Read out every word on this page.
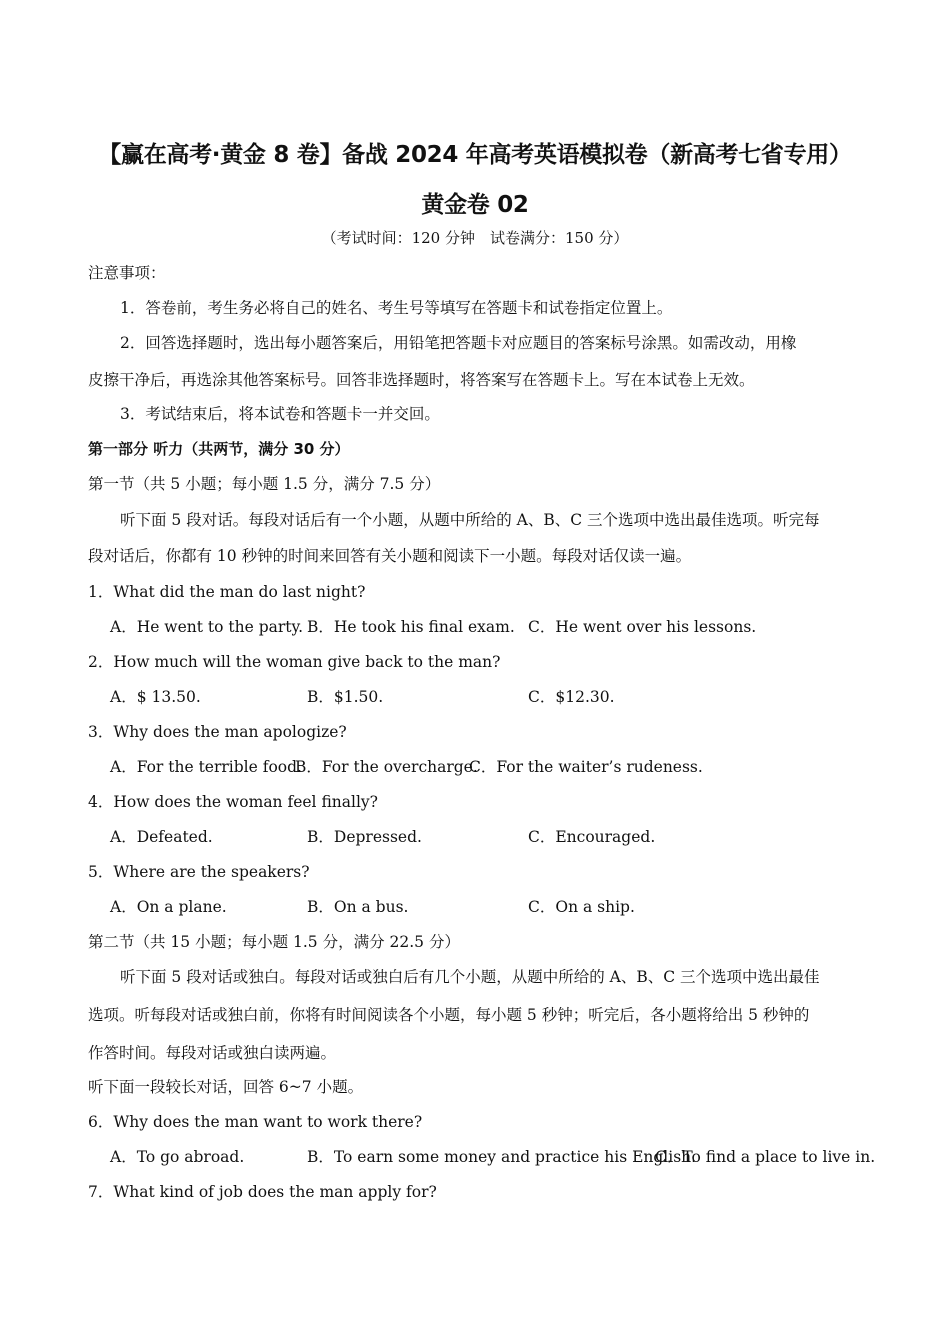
【赢在高考·黄金 8 卷】备战 2024 年高考英语模拟卷（新高考七省专用）
黄金卷 02
（考试时间：120 分钟　试卷满分：150 分）
注意事项：
1．答卷前，考生务必将自己的姓名、考生号等填写在答题卡和试卷指定位置上。
2．回答选择题时，选出每小题答案后，用铅笔把答题卡对应题目的答案标号涂黑。如需改动，用橡
皮擦干净后，再选涂其他答案标号。回答非选择题时，将答案写在答题卡上。写在本试卷上无效。
3．考试结束后，将本试卷和答题卡一并交回。
第一部分 听力（共两节，满分 30 分）
第一节（共 5 小题；每小题 1.5 分，满分 7.5 分）
听下面 5 段对话。每段对话后有一个小题，从题中所给的 A、B、C 三个选项中选出最佳选项。听完每
段对话后，你都有 10 秒钟的时间来回答有关小题和阅读下一小题。每段对话仅读一遍。
1．What did the man do last night?
A．He went to the party. B．He took his final exam. C．He went over his lessons.
2．How much will the woman give back to the man?
A．$ 13.50.	B．$1.50.	C．$12.30.
3．Why does the man apologize?
A．For the terrible food.
B．For the overcharge.
C．For the waiter’s rudeness.
4．How does the woman feel finally?
A．Defeated.	B．Depressed.	C．Encouraged.
5．Where are the speakers?
A．On a plane.	B．On a bus.	C．On a ship.
第二节（共 15 小题；每小题 1.5 分，满分 22.5 分）
听下面 5 段对话或独白。每段对话或独白后有几个小题，从题中所给的 A、B、C 三个选项中选出最佳
选项。听每段对话或独白前，你将有时间阅读各个小题，每小题 5 秒钟；听完后，各小题将给出 5 秒钟的
作答时间。每段对话或独白读两遍。
听下面一段较长对话，回答 6~7 小题。
6．Why does the man want to work there?
A．To go abroad.	B．To earn some money and practice his English.
C．To find a place to live in.
7．What kind of job does the man apply for?
